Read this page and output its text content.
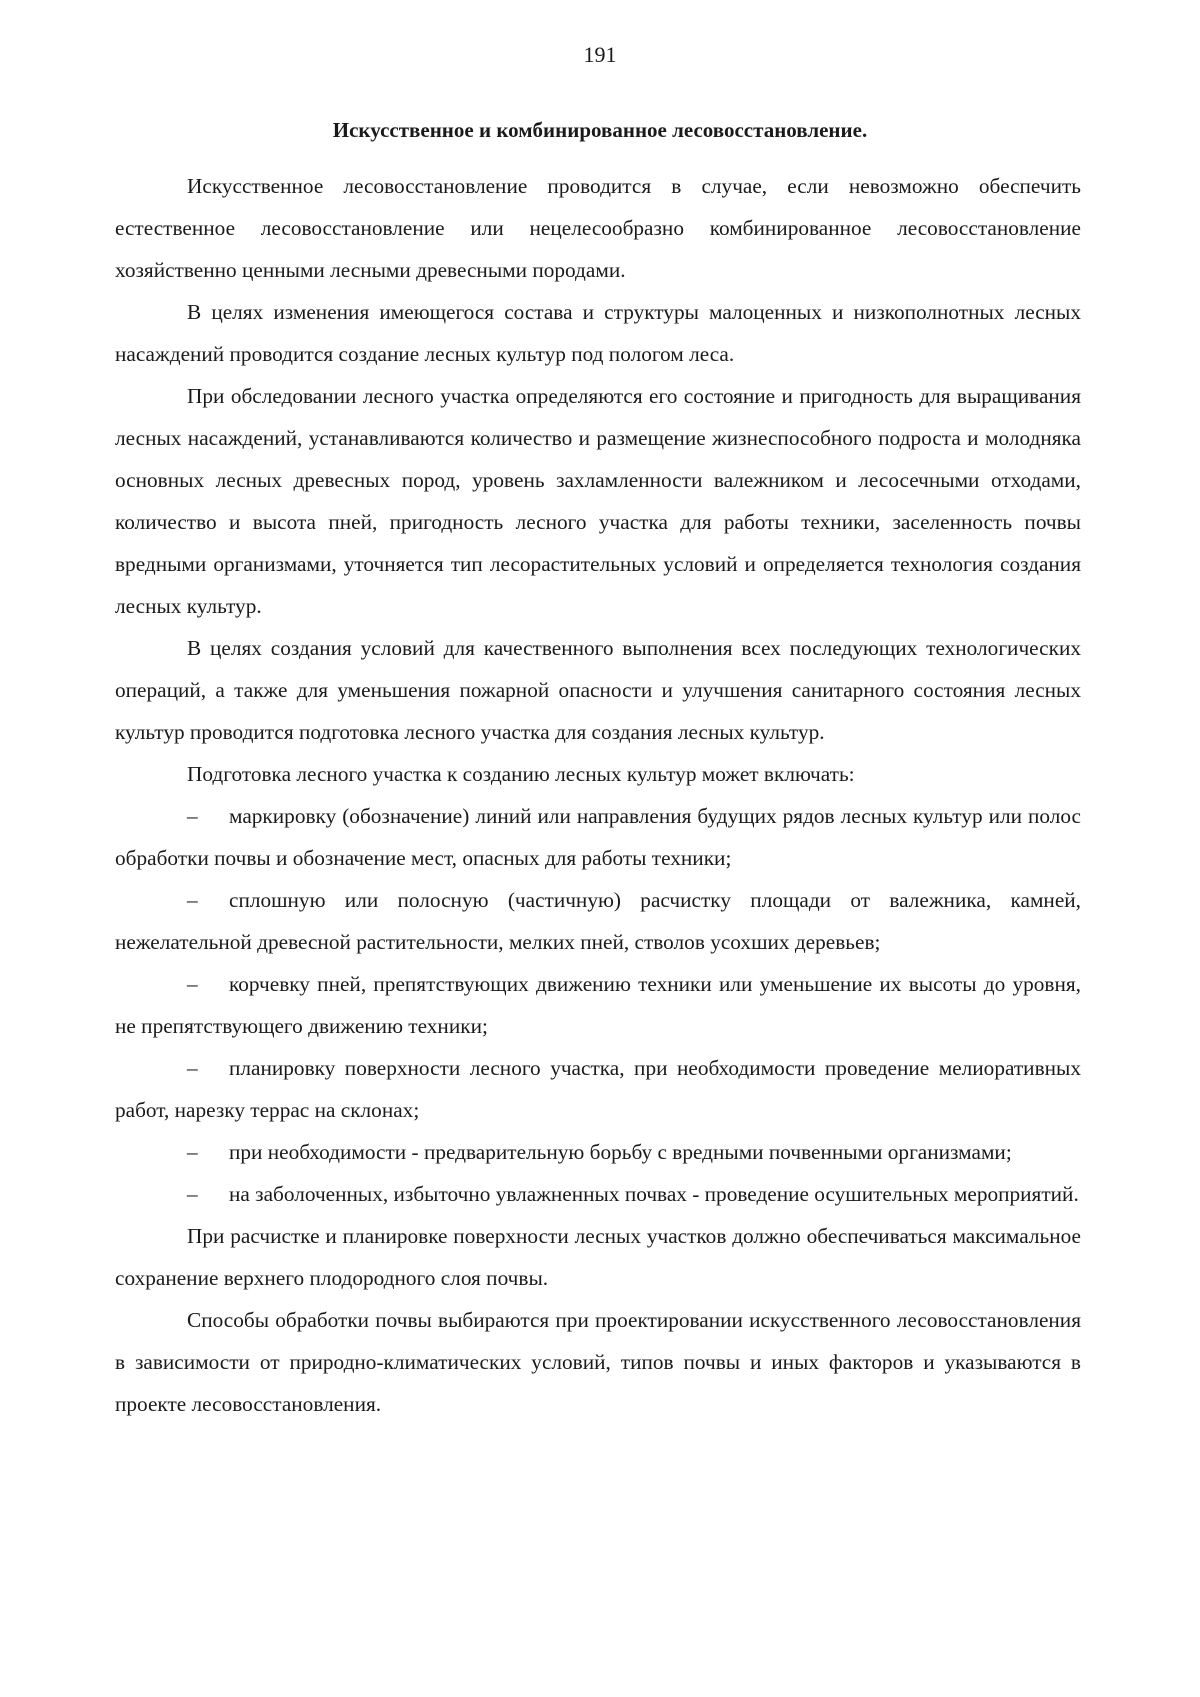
191
Искусственное и комбинированное лесовосстановление.

Искусственное лесовосстановление проводится в случае, если невозможно обеспечить естественное лесовосстановление или нецелесообразно комбинированное лесовосстановление хозяйственно ценными лесными древесными породами.

В целях изменения имеющегося состава и структуры малоценных и низкополнотных лесных насаждений проводится создание лесных культур под пологом леса.

При обследовании лесного участка определяются его состояние и пригодность для выращивания лесных насаждений, устанавливаются количество и размещение жизнеспособного подроста и молодняка основных лесных древесных пород, уровень захламленности валежником и лесосечными отходами, количество и высота пней, пригодность лесного участка для работы техники, заселенность почвы вредными организмами, уточняется тип лесорастительных условий и определяется технология создания лесных культур.

В целях создания условий для качественного выполнения всех последующих технологических операций, а также для уменьшения пожарной опасности и улучшения санитарного состояния лесных культур проводится подготовка лесного участка для создания лесных культур.

Подготовка лесного участка к созданию лесных культур может включать:

– маркировку (обозначение) линий или направления будущих рядов лесных культур или полос обработки почвы и обозначение мест, опасных для работы техники;

– сплошную или полосную (частичную) расчистку площади от валежника, камней, нежелательной древесной растительности, мелких пней, стволов усохших деревьев;

– корчевку пней, препятствующих движению техники или уменьшение их высоты до уровня, не препятствующего движению техники;

– планировку поверхности лесного участка, при необходимости проведение мелиоративных работ, нарезку террас на склонах;

– при необходимости - предварительную борьбу с вредными почвенными организмами;

– на заболоченных, избыточно увлажненных почвах - проведение осушительных мероприятий.

При расчистке и планировке поверхности лесных участков должно обеспечиваться максимальное сохранение верхнего плодородного слоя почвы.

Способы обработки почвы выбираются при проектировании искусственного лесовосстановления в зависимости от природно-климатических условий, типов почвы и иных факторов и указываются в проекте лесовосстановления.
